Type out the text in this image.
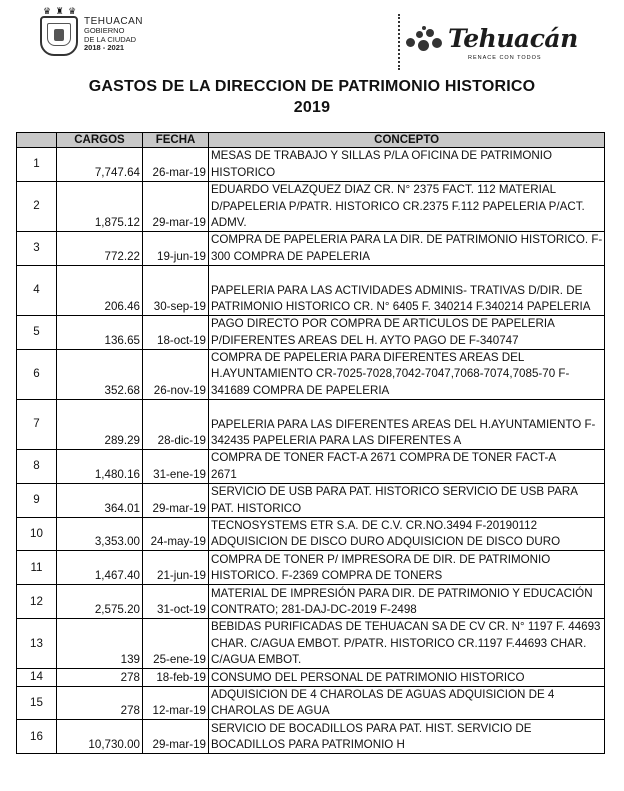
♛ ♜ ♛
TEHUACAN
GOBIERNO
DE LA CIUDAD
2018 - 2021	Tehuacán
RENACE CON TODOS
GASTOS DE LA DIRECCION DE PATRIMONIO HISTORICO
2019
	CARGOS	FECHA	CONCEPTO
1			MESAS DE TRABAJO Y SILLAS P/LA OFICINA DE PATRIMONIO
	7,747.64	26-mar-19	HISTORICO
2			EDUARDO VELAZQUEZ DIAZ CR. N° 2375 FACT. 112 MATERIAL
			D/PAPELERIA P/PATR. HISTORICO CR.2375 F.112 PAPELERIA P/ACT.
	1,875.12	29-mar-19	ADMV.
3			COMPRA DE PAPELERIA PARA LA DIR. DE PATRIMONIO HISTORICO. F-
	772.22	19-jun-19	300 COMPRA DE PAPELERIA
4			
			PAPELERIA PARA LAS ACTIVIDADES ADMINIS- TRATIVAS D/DIR. DE
	206.46	30-sep-19	PATRIMONIO HISTORICO CR. N° 6405 F. 340214 F.340214 PAPELERIA
5			PAGO DIRECTO POR COMPRA DE ARTICULOS DE PAPELERIA
	136.65	18-oct-19	P/DIFERENTES AREAS DEL H. AYTO PAGO DE F-340747
6			COMPRA DE PAPELERIA PARA DIFERENTES AREAS DEL
			H.AYUNTAMIENTO CR-7025-7028,7042-7047,7068-7074,7085-70 F-
	352.68	26-nov-19	341689 COMPRA DE PAPELERIA
7			
			PAPELERIA PARA LAS DIFERENTES AREAS DEL H.AYUNTAMIENTO F-
	289.29	28-dic-19	342435 PAPELERIA PARA LAS DIFERENTES A
8			COMPRA DE TONER FACT-A 2671 COMPRA DE TONER FACT-A
	1,480.16	31-ene-19	2671
9			SERVICIO DE USB PARA PAT. HISTORICO SERVICIO DE USB PARA
	364.01	29-mar-19	PAT. HISTORICO
10			TECNOSYSTEMS ETR S.A. DE C.V. CR.NO.3494 F-20190112
	3,353.00	24-may-19	ADQUISICION DE DISCO DURO ADQUISICION DE DISCO DURO
11			COMPRA DE TONER P/ IMPRESORA DE DIR. DE PATRIMONIO
	1,467.40	21-jun-19	HISTORICO. F-2369 COMPRA DE TONERS
12			MATERIAL DE IMPRESIÓN PARA DIR. DE PATRIMONIO Y EDUCACIÓN
	2,575.20	31-oct-19	CONTRATO; 281-DAJ-DC-2019 F-2498
13			BEBIDAS PURIFICADAS DE TEHUACAN SA DE CV CR. N° 1197 F. 44693
			CHAR. C/AGUA EMBOT. P/PATR. HISTORICO CR.1197 F.44693 CHAR.
	139	25-ene-19	C/AGUA EMBOT.
14	278	18-feb-19	CONSUMO DEL PERSONAL DE PATRIMONIO HISTORICO
15			ADQUISICION DE 4 CHAROLAS DE AGUAS ADQUISICION DE 4
	278	12-mar-19	CHAROLAS DE AGUA
16			SERVICIO DE BOCADILLOS PARA PAT. HIST. SERVICIO DE
	10,730.00	29-mar-19	BOCADILLOS PARA PATRIMONIO H
